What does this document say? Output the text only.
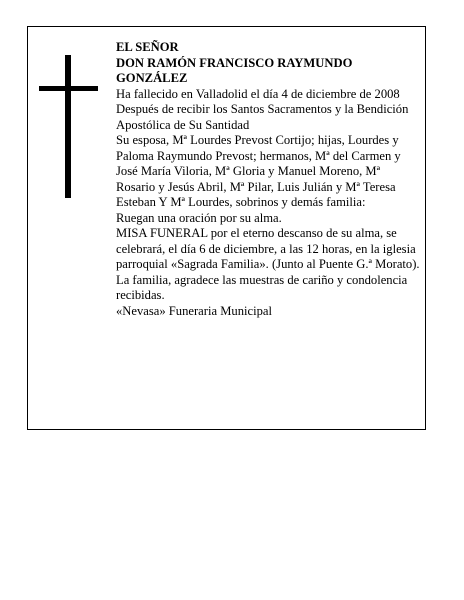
EL SEÑOR

DON RAMÓN FRANCISCO RAYMUNDO GONZÁLEZ

Ha fallecido en Valladolid el día 4 de diciembre de 2008

Después de recibir los Santos Sacramentos y la Bendición Apostólica de Su Santidad

Su esposa, Mª Lourdes Prevost Cortijo; hijas, Lourdes y Paloma Raymundo Prevost; hermanos, Mª del Carmen y José María Viloria, Mª Gloria y Manuel Moreno, Mª Rosario y Jesús Abril, Mª Pilar, Luis Julián y Mª Teresa Esteban Y Mª Lourdes, sobrinos y demás familia:

Ruegan una oración por su alma.

MISA FUNERAL por el eterno descanso de su alma, se celebrará, el día 6 de diciembre, a las 12 horas, en la iglesia parroquial «Sagrada Familia». (Junto al Puente G.ª Morato).

La familia, agradece las muestras de cariño y condolencia recibidas.

«Nevasa» Funeraria Municipal
